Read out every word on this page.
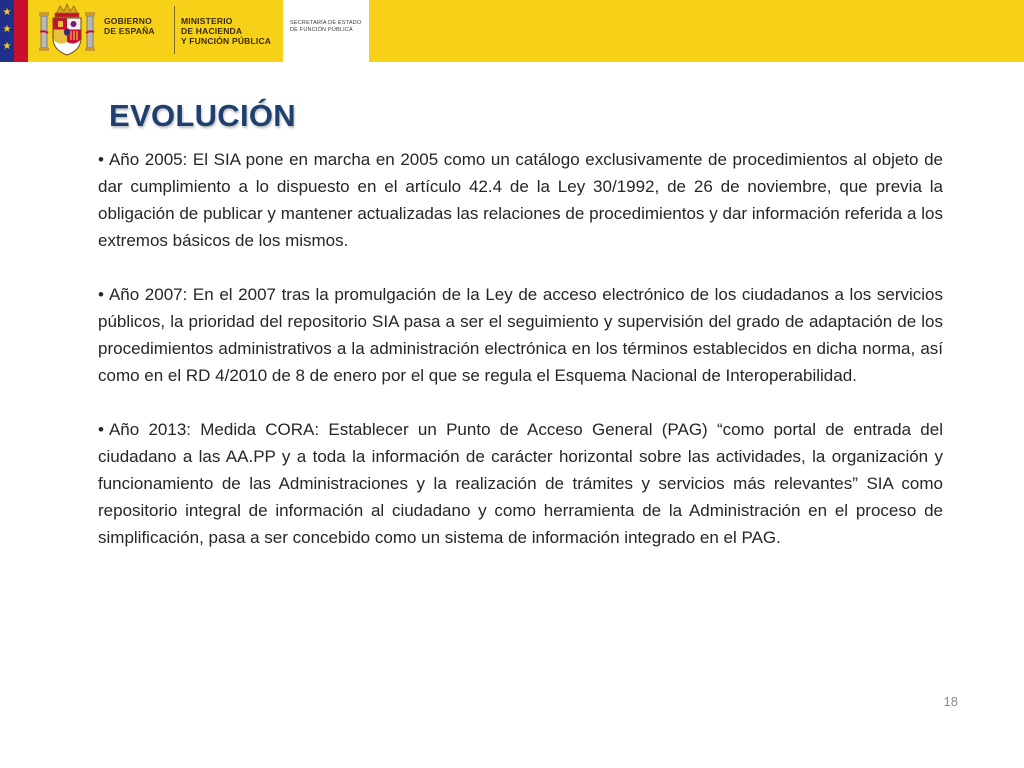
★
★
★
GOBIERNO
DE ESPAÑA
MINISTERIO
DE HACIENDA
Y FUNCIÓN PÚBLICA
SECRETARÍA DE ESTADO
DE FUNCIÓN PÚBLICA
EVOLUCIÓN

• Año 2005: El SIA pone en marcha en 2005 como un catálogo exclusivamente de procedimientos al objeto de dar cumplimiento a lo dispuesto en el artículo 42.4 de la Ley 30/1992, de 26 de noviembre, que previa la obligación de publicar y mantener actualizadas las relaciones de procedimientos y dar información referida a los extremos básicos de los mismos.

• Año 2007: En el 2007 tras la promulgación de la Ley de acceso electrónico de los ciudadanos a los servicios públicos, la prioridad del repositorio SIA pasa a ser el seguimiento y supervisión del grado de adaptación de los procedimientos administrativos a la administración electrónica en los términos establecidos en dicha norma, así como en el RD 4/2010 de 8 de enero por el que se regula el Esquema Nacional de Interoperabilidad.

• Año 2013: Medida CORA: Establecer un Punto de Acceso General (PAG) “como portal de entrada del ciudadano a las AA.PP y a toda la información de carácter horizontal sobre las actividades, la organización y funcionamiento de las Administraciones y la realización de trámites y servicios más relevantes” SIA como repositorio integral de información al ciudadano y como herramienta de la Administración en el proceso de simplificación, pasa a ser concebido como un sistema de información integrado en el PAG.

18
